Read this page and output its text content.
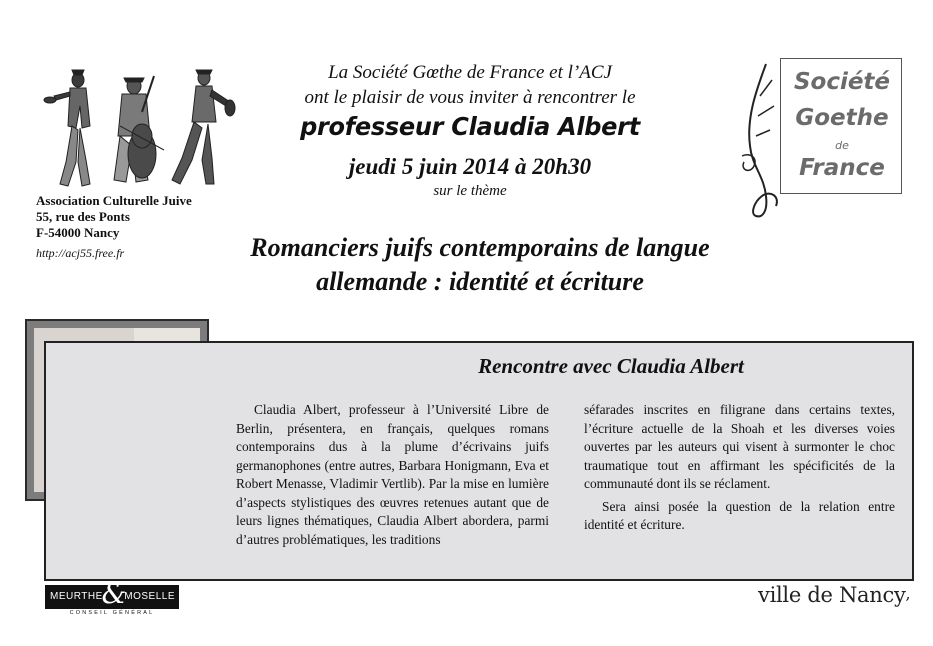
Association Culturelle Juive
55, rue des Ponts
F-54000 Nancy
http://acj55.free.fr
La Société Gœthe de France et l’ACJ
ont le plaisir de vous inviter à rencontrer le
professeur Claudia Albert
jeudi 5 juin 2014 à 20h30
sur le thème
Romanciers juifs contemporains de langue
allemande : identité et écriture
Société
Goethe
de
France
Rencontre avec Claudia Albert

Claudia Albert, professeur à l’Université Libre de Berlin, présentera, en français, quelques romans contemporains dus à la plume d’écrivains juifs germanophones (entre autres, Barbara Honigmann, Eva et Robert Menasse, Vladimir Vertlib). Par la mise en lumière d’aspects stylistiques des œuvres retenues autant que de leurs lignes thématiques, Claudia Albert abordera, parmi d’autres problématiques, les traditions

séfarades inscrites en filigrane dans certains textes, l’écriture actuelle de la Shoah et les diverses voies ouvertes par les auteurs qui visent à surmonter le choc traumatique tout en affirmant les spécificités de la communauté dont ils se réclament.

Sera ainsi posée la question de la relation entre identité et écriture.

MEURTHE
&
MOSELLE
CONSEIL GÉNÉRAL
ville de Nancy,
